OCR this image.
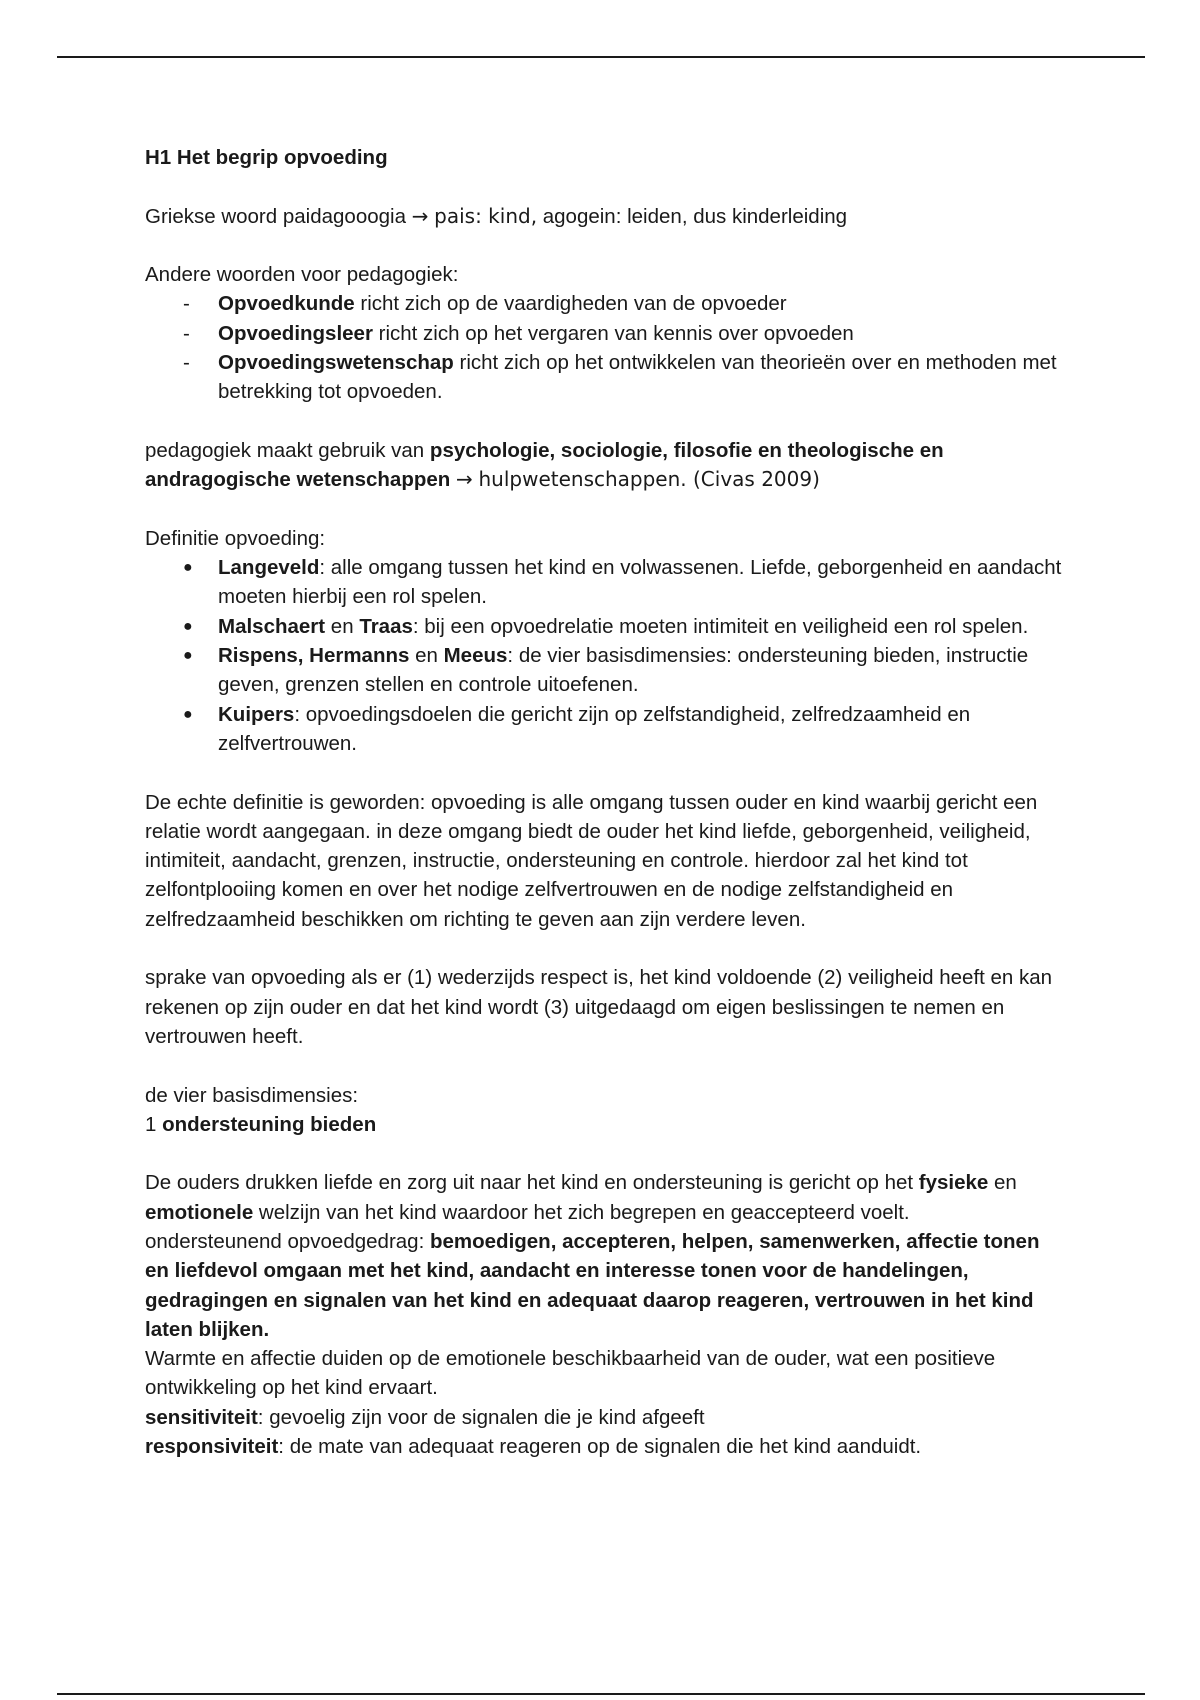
H1 Het begrip opvoeding

Griekse woord paidagooogia → pais: kind, agogein: leiden, dus kinderleiding

Andere woorden voor pedagogiek:

- Opvoedkunde richt zich op de vaardigheden van de opvoeder
- Opvoedingsleer richt zich op het vergaren van kennis over opvoeden
- Opvoedingswetenschap richt zich op het ontwikkelen van theorieën over en methoden met betrekking tot opvoeden.

pedagogiek maakt gebruik van psychologie, sociologie, filosofie en theologische en andragogische wetenschappen → hulpwetenschappen. (Civas 2009)

Definitie opvoeding:

● Langeveld: alle omgang tussen het kind en volwassenen. Liefde, geborgenheid en aandacht moeten hierbij een rol spelen.
● Malschaert en Traas: bij een opvoedrelatie moeten intimiteit en veiligheid een rol spelen.
● Rispens, Hermanns en Meeus: de vier basisdimensies: ondersteuning bieden, instructie geven, grenzen stellen en controle uitoefenen.
● Kuipers: opvoedingsdoelen die gericht zijn op zelfstandigheid, zelfredzaamheid en zelfvertrouwen.

De echte definitie is geworden: opvoeding is alle omgang tussen ouder en kind waarbij gericht een relatie wordt aangegaan. in deze omgang biedt de ouder het kind liefde, geborgenheid, veiligheid, intimiteit, aandacht, grenzen, instructie, ondersteuning en controle. hierdoor zal het kind tot zelfontplooiing komen en over het nodige zelfvertrouwen en de nodige zelfstandigheid en zelfredzaamheid beschikken om richting te geven aan zijn verdere leven.

sprake van opvoeding als er (1) wederzijds respect is, het kind voldoende (2) veiligheid heeft en kan rekenen op zijn ouder en dat het kind wordt (3) uitgedaagd om eigen beslissingen te nemen en vertrouwen heeft.

de vier basisdimensies:

1 ondersteuning bieden

De ouders drukken liefde en zorg uit naar het kind en ondersteuning is gericht op het fysieke en emotionele welzijn van het kind waardoor het zich begrepen en geaccepteerd voelt.

ondersteunend opvoedgedrag: bemoedigen, accepteren, helpen, samenwerken, affectie tonen en liefdevol omgaan met het kind, aandacht en interesse tonen voor de handelingen, gedragingen en signalen van het kind en adequaat daarop reageren, vertrouwen in het kind laten blijken.

Warmte en affectie duiden op de emotionele beschikbaarheid van de ouder, wat een positieve ontwikkeling op het kind ervaart.

sensitiviteit: gevoelig zijn voor de signalen die je kind afgeeft

responsiviteit: de mate van adequaat reageren op de signalen die het kind aanduidt.
